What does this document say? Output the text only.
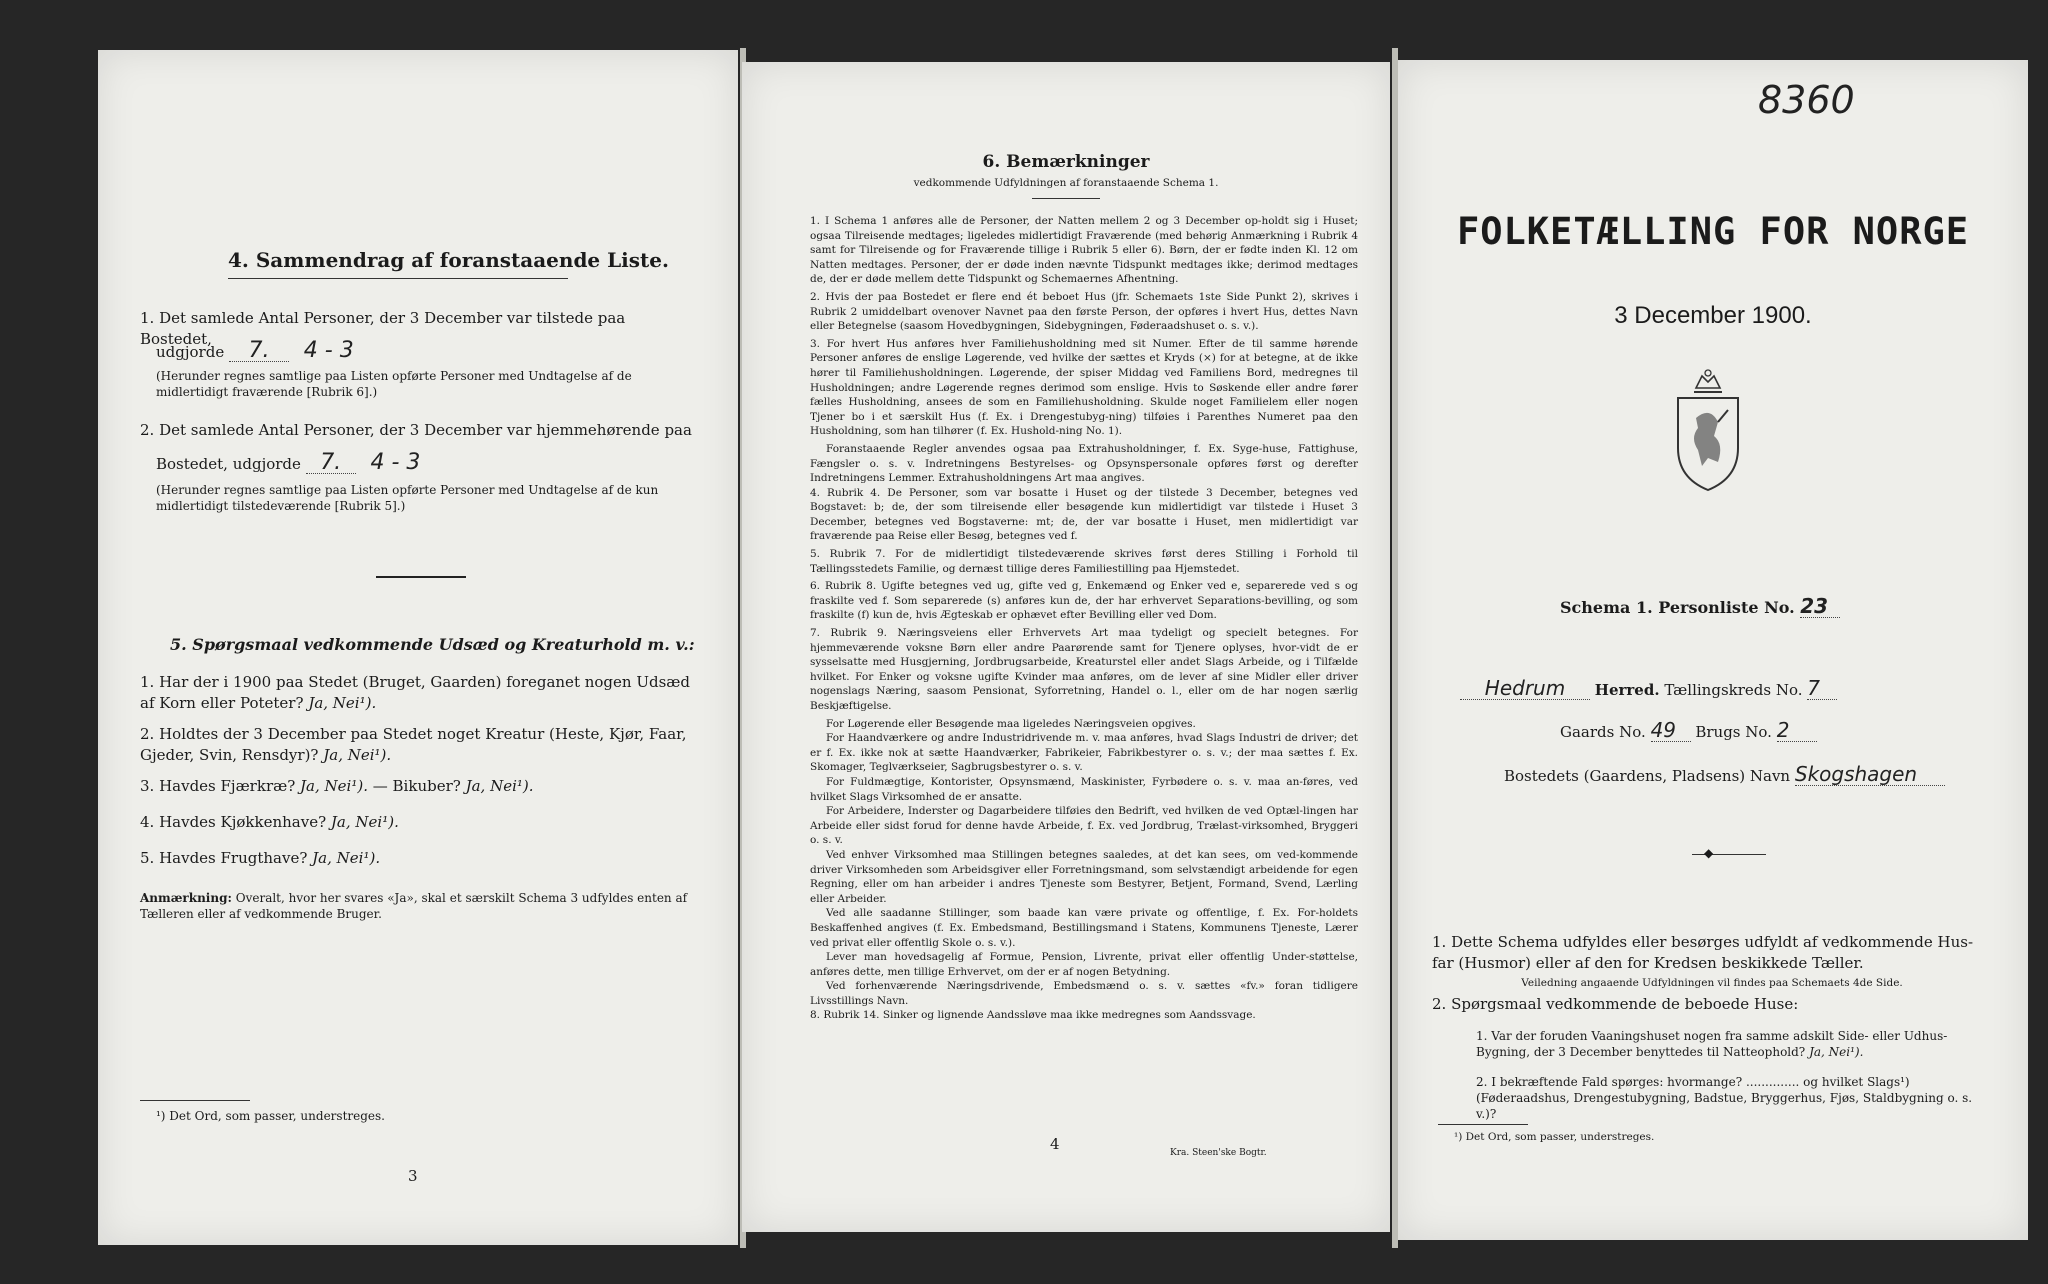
4. Sammendrag af foranstaaende Liste.
1. Det samlede Antal Personer, der 3 December var tilstede paa Bostedet,
udgjorde 7. 4 - 3
(Herunder regnes samtlige paa Listen opførte Personer med Undtagelse af de midlertidigt fraværende [Rubrik 6].)
2. Det samlede Antal Personer, der 3 December var hjemmehørende paa
Bostedet, udgjorde 7. 4 - 3
(Herunder regnes samtlige paa Listen opførte Personer med Undtagelse af de kun midlertidigt tilstedeværende [Rubrik 5].)
5. Spørgsmaal vedkommende Udsæd og Kreaturhold m. v.:
1. Har der i 1900 paa Stedet (Bruget, Gaarden) foreganet nogen Udsæd af Korn eller Poteter? Ja, Nei¹).
2. Holdtes der 3 December paa Stedet noget Kreatur (Heste, Kjør, Faar, Gjeder, Svin, Rensdyr)? Ja, Nei¹).
3. Havdes Fjærkræ? Ja, Nei¹). — Bikuber? Ja, Nei¹).
4. Havdes Kjøkkenhave? Ja, Nei¹).
5. Havdes Frugthave? Ja, Nei¹).
Anmærkning: Overalt, hvor her svares «Ja», skal et særskilt Schema 3 udfyldes enten af Tælleren eller af vedkommende Bruger.
¹) Det Ord, som passer, understreges.
3
6. Bemærkninger
vedkommende Udfyldningen af foranstaaende Schema 1.
1. I Schema 1 anføres alle de Personer, der Natten mellem 2 og 3 December op-holdt sig i Huset; ogsaa Tilreisende medtages; ligeledes midlertidigt Fraværende (med behørig Anmærkning i Rubrik 4 samt for Tilreisende og for Fraværende tillige i Rubrik 5 eller 6). Børn, der er fødte inden Kl. 12 om Natten medtages. Personer, der er døde inden nævnte Tidspunkt medtages ikke; derimod medtages de, der er døde mellem dette Tidspunkt og Schemaernes Afhentning.
2. Hvis der paa Bostedet er flere end ét beboet Hus (jfr. Schemaets 1ste Side Punkt 2), skrives i Rubrik 2 umiddelbart ovenover Navnet paa den første Person, der opføres i hvert Hus, dettes Navn eller Betegnelse (saasom Hovedbygningen, Sidebygningen, Føderaadshuset o. s. v.).
3. For hvert Hus anføres hver Familiehusholdning med sit Numer. Efter de til samme hørende Personer anføres de enslige Løgerende, ved hvilke der sættes et Kryds (×) for at betegne, at de ikke hører til Familiehusholdningen. Løgerende, der spiser Middag ved Familiens Bord, medregnes til Husholdningen; andre Løgerende regnes derimod som enslige. Hvis to Søskende eller andre fører fælles Husholdning, ansees de som en Familiehusholdning. Skulde noget Familielem eller nogen Tjener bo i et særskilt Hus (f. Ex. i Drengestubyg-ning) tilføies i Parenthes Numeret paa den Husholdning, som han tilhører (f. Ex. Hushold-ning No. 1).
Foranstaaende Regler anvendes ogsaa paa Extrahusholdninger, f. Ex. Syge-huse, Fattighuse, Fængsler o. s. v. Indretningens Bestyrelses- og Opsynspersonale opføres først og derefter Indretningens Lemmer. Extrahusholdningens Art maa angives.
4. Rubrik 4. De Personer, som var bosatte i Huset og der tilstede 3 December, betegnes ved Bogstavet: b; de, der som tilreisende eller besøgende kun midlertidigt var tilstede i Huset 3 December, betegnes ved Bogstaverne: mt; de, der var bosatte i Huset, men midlertidigt var fraværende paa Reise eller Besøg, betegnes ved f.
5. Rubrik 7. For de midlertidigt tilstedeværende skrives først deres Stilling i Forhold til Tællingsstedets Familie, og dernæst tillige deres Familiestilling paa Hjemstedet.
6. Rubrik 8. Ugifte betegnes ved ug, gifte ved g, Enkemænd og Enker ved e, separerede ved s og fraskilte ved f. Som separerede (s) anføres kun de, der har erhvervet Separations-bevilling, og som fraskilte (f) kun de, hvis Ægteskab er ophævet efter Bevilling eller ved Dom.
7. Rubrik 9. Næringsveiens eller Erhvervets Art maa tydeligt og specielt betegnes. For hjemmeværende voksne Børn eller andre Paarørende samt for Tjenere oplyses, hvor-vidt de er sysselsatte med Husgjerning, Jordbrugsarbeide, Kreaturstel eller andet Slags Arbeide, og i Tilfælde hvilket. For Enker og voksne ugifte Kvinder maa anføres, om de lever af sine Midler eller driver nogenslags Næring, saasom Pensionat, Syforretning, Handel o. l., eller om de har nogen særlig Beskjæftigelse.
For Løgerende eller Besøgende maa ligeledes Næringsveien opgives.
For Haandværkere og andre Industridrivende m. v. maa anføres, hvad Slags Industri de driver; det er f. Ex. ikke nok at sætte Haandværker, Fabrikeier, Fabrikbestyrer o. s. v.; der maa sættes f. Ex. Skomager, Teglværkseier, Sagbrugsbestyrer o. s. v.
For Fuldmægtige, Kontorister, Opsynsmænd, Maskinister, Fyrbødere o. s. v. maa an-føres, ved hvilket Slags Virksomhed de er ansatte.
For Arbeidere, Inderster og Dagarbeidere tilføies den Bedrift, ved hvilken de ved Optæl-lingen har Arbeide eller sidst forud for denne havde Arbeide, f. Ex. ved Jordbrug, Trælast-virksomhed, Bryggeri o. s. v.
Ved enhver Virksomhed maa Stillingen betegnes saaledes, at det kan sees, om ved-kommende driver Virksomheden som Arbeidsgiver eller Forretningsmand, som selvstændigt arbeidende for egen Regning, eller om han arbeider i andres Tjeneste som Bestyrer, Betjent, Formand, Svend, Lærling eller Arbeider.
Ved alle saadanne Stillinger, som baade kan være private og offentlige, f. Ex. For-holdets Beskaffenhed angives (f. Ex. Embedsmand, Bestillingsmand i Statens, Kommunens Tjeneste, Lærer ved privat eller offentlig Skole o. s. v.).
Lever man hovedsagelig af Formue, Pension, Livrente, privat eller offentlig Under-støttelse, anføres dette, men tillige Erhvervet, om der er af nogen Betydning.
Ved forhenværende Næringsdrivende, Embedsmænd o. s. v. sættes «fv.» foran tidligere Livsstillings Navn.
8. Rubrik 14. Sinker og lignende Aandssløve maa ikke medregnes som Aandssvage.
4	Kra. Steen'ske Bogtr.
8360
FOLKETÆLLING FOR NORGE
3 December 1900.
Schema 1. Personliste No. 23
Hedrum Herred. Tællingskreds No. 7
Gaards No. 49 Brugs No. 2
Bostedets (Gaardens, Pladsens) Navn Skogshagen
◆
1. Dette Schema udfyldes eller besørges udfyldt af vedkommende Hus-far (Husmor) eller af den for Kredsen beskikkede Tæller.
Veiledning angaaende Udfyldningen vil findes paa Schemaets 4de Side.
2. Spørgsmaal vedkommende de beboede Huse:
1. Var der foruden Vaaningshuset nogen fra samme adskilt Side- eller Udhus-Bygning, der 3 December benyttedes til Natteophold? Ja, Nei¹).
2. I bekræftende Fald spørges: hvormange? .............. og hvilket Slags¹) (Føderaadshus, Drengestubygning, Badstue, Bryggerhus, Fjøs, Staldbygning o. s. v.)?
¹) Det Ord, som passer, understreges.
